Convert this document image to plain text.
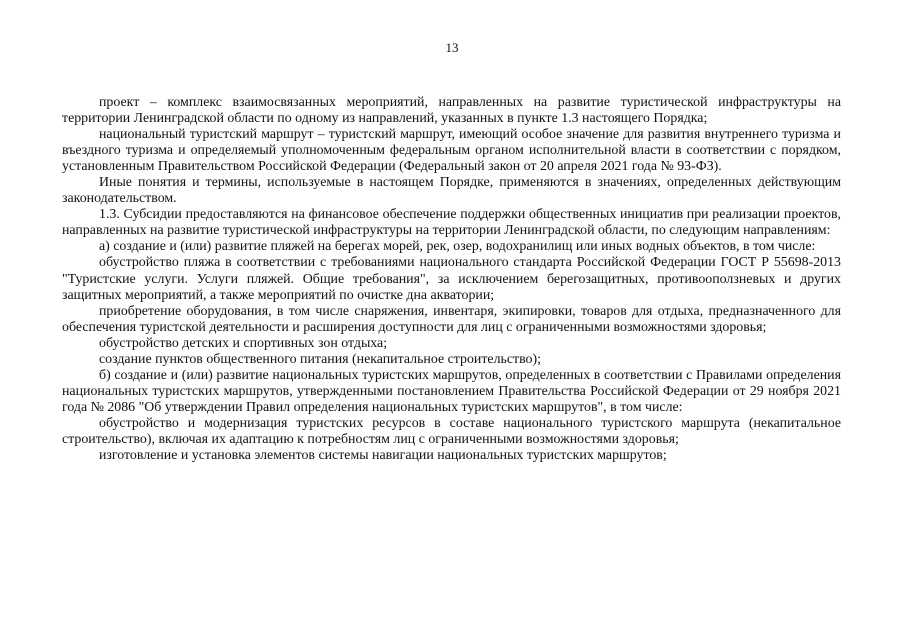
13

проект – комплекс взаимосвязанных мероприятий, направленных на развитие туристической инфраструктуры на территории Ленинградской области по одному из направлений, указанных в пункте 1.3 настоящего Порядка;

национальный туристский маршрут – туристский маршрут, имеющий особое значение для развития внутреннего туризма и въездного туризма и определяемый уполномоченным федеральным органом исполнительной власти в соответствии с порядком, установленным Правительством Российской Федерации (Федеральный закон от 20 апреля 2021 года № 93-ФЗ).

Иные понятия и термины, используемые в настоящем Порядке, применяются в значениях, определенных действующим законодательством.

1.3. Субсидии предоставляются на финансовое обеспечение поддержки общественных инициатив при реализации проектов, направленных на развитие туристической инфраструктуры на территории Ленинградской области, по следующим направлениям:

а) создание и (или) развитие пляжей на берегах морей, рек, озер, водохранилищ или иных водных объектов, в том числе:

обустройство пляжа в соответствии с требованиями национального стандарта Российской Федерации ГОСТ Р 55698-2013 "Туристские услуги. Услуги пляжей. Общие требования", за исключением берегозащитных, противооползневых и других защитных мероприятий, а также мероприятий по очистке дна акватории;

приобретение оборудования, в том числе снаряжения, инвентаря, экипировки, товаров для отдыха, предназначенного для обеспечения туристской деятельности и расширения доступности для лиц с ограниченными возможностями здоровья;

обустройство детских и спортивных зон отдыха;

создание пунктов общественного питания (некапитальное строительство);

б) создание и (или) развитие национальных туристских маршрутов, определенных в соответствии с Правилами определения национальных туристских маршрутов, утвержденными постановлением Правительства Российской Федерации от 29 ноября 2021 года № 2086 "Об утверждении Правил определения национальных туристских маршрутов", в том числе:

обустройство и модернизация туристских ресурсов в составе национального туристского маршрута (некапитальное строительство), включая их адаптацию к потребностям лиц с ограниченными возможностями здоровья;

изготовление и установка элементов системы навигации национальных туристских маршрутов;
